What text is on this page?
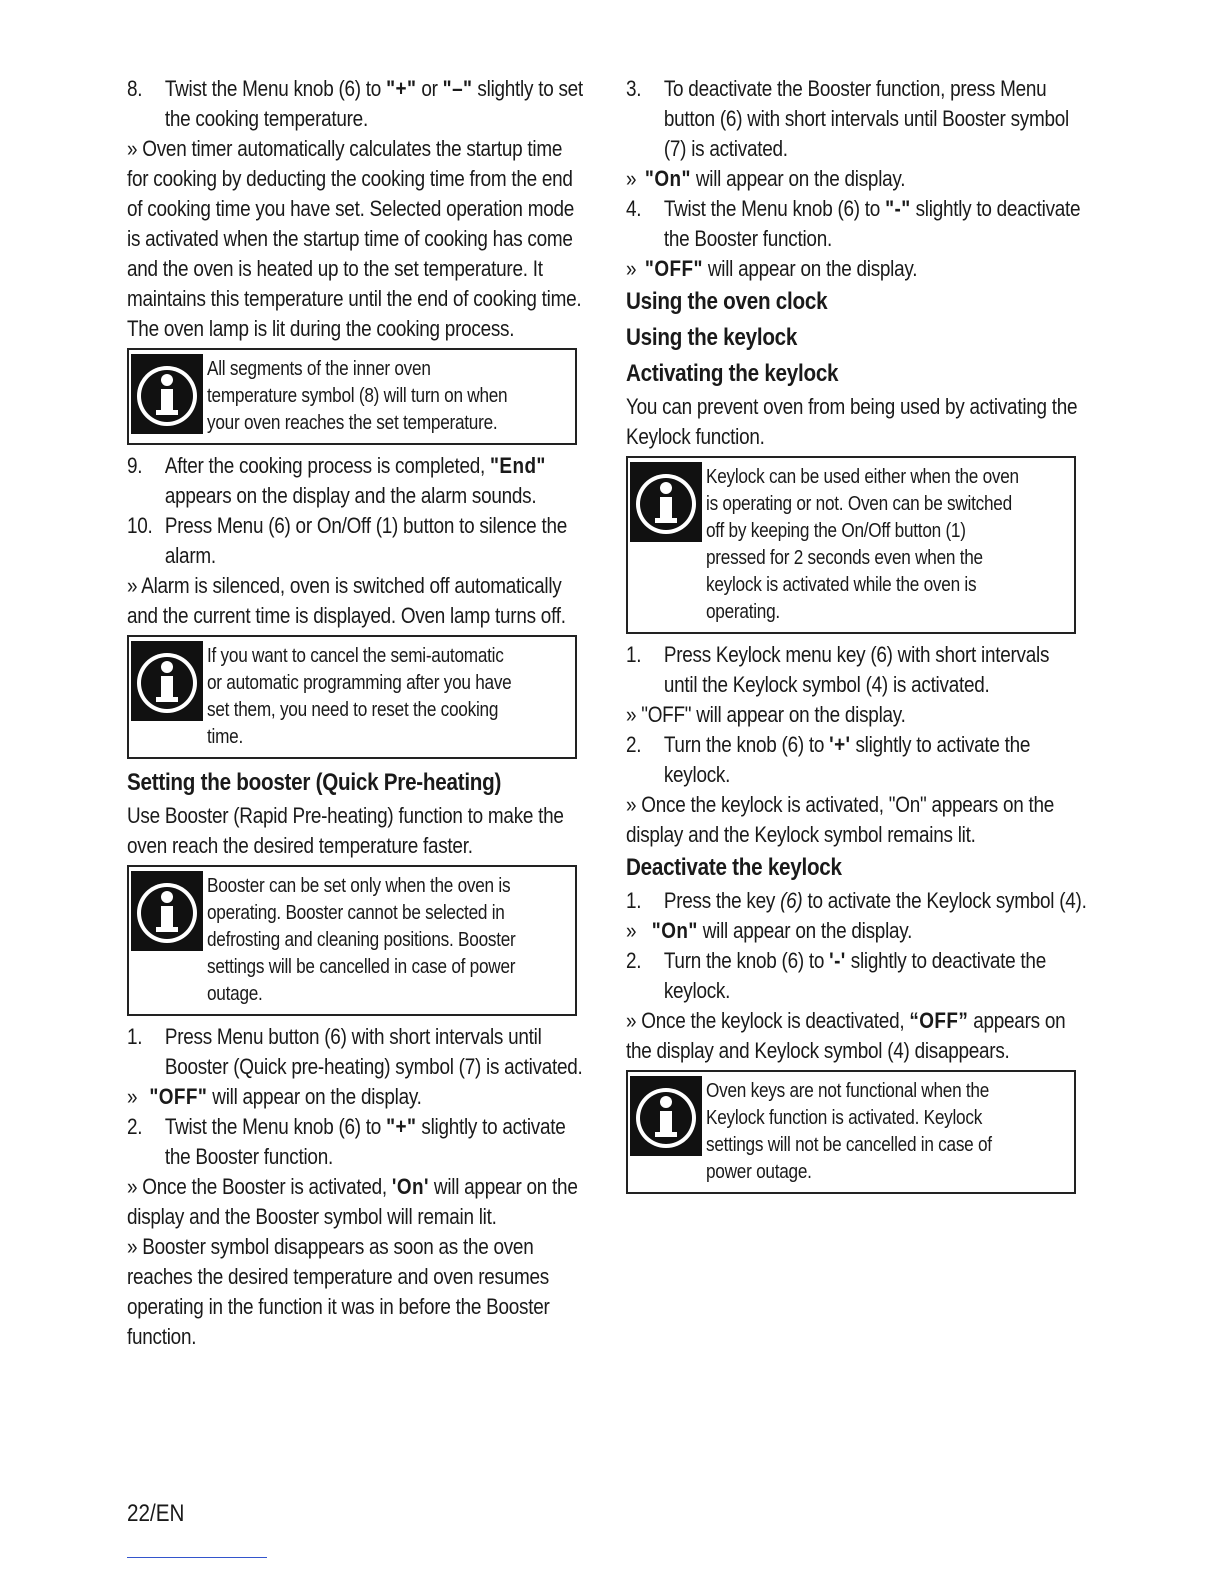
8.	Twist the Menu knob (6) to "+" or "–" slightly to set the cooking temperature.

» Oven timer automatically calculates the startup time for cooking by deducting the cooking time from the end of cooking time you have set. Selected operation mode is activated when the startup time of cooking has come and the oven is heated up to the set temperature. It maintains this temperature until the end of cooking time. The oven lamp is lit during the cooking process.

All segments of the inner oven temperature symbol (8) will turn on when your oven reaches the set temperature.
9.	After the cooking process is completed, "End" appears on the display and the alarm sounds.
10. Press Menu (6) or On/Off (1) button to silence the alarm.

» Alarm is silenced, oven is switched off automatically and the current time is displayed. Oven lamp turns off.

If you want to cancel the semi-automatic or automatic programming after you have set them, you need to reset the cooking time.

Setting the booster (Quick Pre-heating)

Use Booster (Rapid Pre-heating) function to make the oven reach the desired temperature faster.

Booster can be set only when the oven is operating. Booster cannot be selected in defrosting and cleaning positions. Booster settings will be cancelled in case of power outage.
1.	Press Menu button (6) with short intervals until Booster (Quick pre-heating) symbol (7) is activated.
» "OFF" will appear on the display.
2.	Twist the Menu knob (6) to "+" slightly to activate the Booster function.

» Once the Booster is activated, 'On' will appear on the display and the Booster symbol will remain lit.

» Booster symbol disappears as soon as the oven reaches the desired temperature and oven resumes operating in the function it was in before the Booster function.

3.	To deactivate the Booster function, press Menu button (6) with short intervals until Booster symbol (7) is activated.
» "On" will appear on the display.
4.	Twist the Menu knob (6) to "-" slightly to deactivate the Booster function.
» "OFF" will appear on the display.

Using the oven clock

Using the keylock

Activating the keylock

You can prevent oven from being used by activating the Keylock function.

Keylock can be used either when the oven is operating or not. Oven can be switched off by keeping the On/Off button (1) pressed for 2 seconds even when the keylock is activated while the oven is operating.
1.	Press Keylock menu key (6) with short intervals until the Keylock symbol (4) is activated.

» "OFF" will appear on the display.

2.	Turn the knob (6) to '+' slightly to activate the keylock.

» Once the keylock is activated, "On" appears on the display and the Keylock symbol remains lit.

Deactivate the keylock

1.	Press the key (6) to activate the Keylock symbol (4).
» "On" will appear on the display.
2.	Turn the knob (6) to '-' slightly to deactivate the keylock.

» Once the keylock is deactivated, “OFF” appears on the display and Keylock symbol (4) disappears.

Oven keys are not functional when the Keylock function is activated. Keylock settings will not be cancelled in case of power outage.
22/EN
